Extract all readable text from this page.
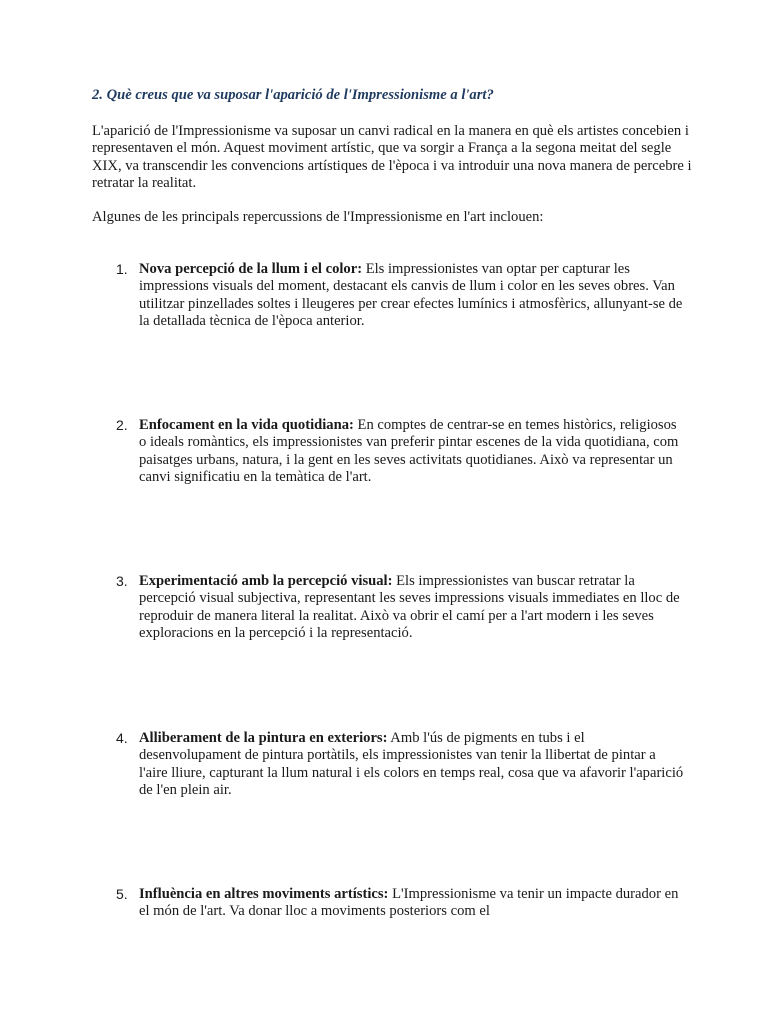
2. Què creus que va suposar l'aparició de l'Impressionisme a l'art?

L'aparició de l'Impressionisme va suposar un canvi radical en la manera en què els artistes concebien i representaven el món. Aquest moviment artístic, que va sorgir a França a la segona meitat del segle XIX, va transcendir les convencions artístiques de l'època i va introduir una nova manera de percebre i retratar la realitat.

Algunes de les principals repercussions de l'Impressionisme en l'art inclouen:

1. Nova percepció de la llum i el color: Els impressionistes van optar per capturar les impressions visuals del moment, destacant els canvis de llum i color en les seves obres. Van utilitzar pinzellades soltes i lleugeres per crear efectes lumínics i atmosfèrics, allunyant-se de la detallada tècnica de l'època anterior.

2. Enfocament en la vida quotidiana: En comptes de centrar-se en temes històrics, religiosos o ideals romàntics, els impressionistes van preferir pintar escenes de la vida quotidiana, com paisatges urbans, natura, i la gent en les seves activitats quotidianes. Això va representar un canvi significatiu en la temàtica de l'art.

3. Experimentació amb la percepció visual: Els impressionistes van buscar retratar la percepció visual subjectiva, representant les seves impressions visuals immediates en lloc de reproduir de manera literal la realitat. Això va obrir el camí per a l'art modern i les seves exploracions en la percepció i la representació.

4. Alliberament de la pintura en exteriors: Amb l'ús de pigments en tubs i el desenvolupament de pintura portàtils, els impressionistes van tenir la llibertat de pintar a l'aire lliure, capturant la llum natural i els colors en temps real, cosa que va afavorir l'aparició de l'en plein air.

5. Influència en altres moviments artístics: L'Impressionisme va tenir un impacte durador en el món de l'art. Va donar lloc a moviments posteriors com el
